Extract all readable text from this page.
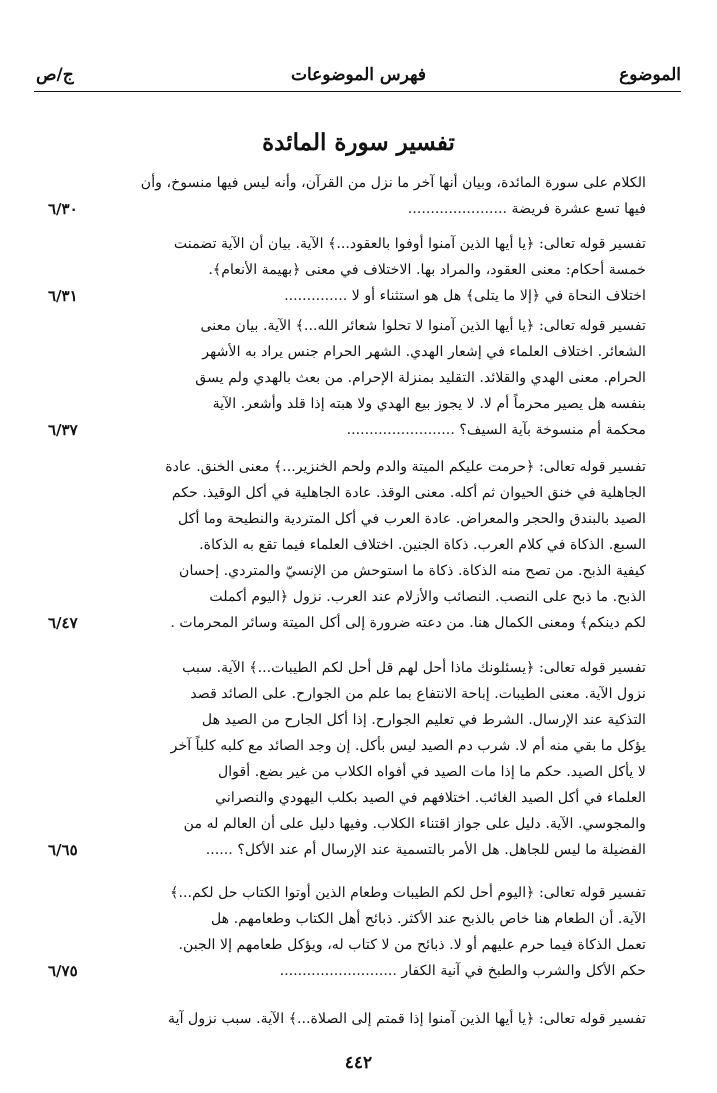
الموضوع
فهرس الموضوعات
ج/ص
تفسير سورة المائدة
الكلام على سورة المائدة، وبيان أنها آخر ما نزل من القرآن، وأنه ليس فيها منسوخ، وأن
فيها تسع عشرة فريضة ......................
٦/٣٠
تفسير قوله تعالى: ﴿يا أيها الذين آمنوا أوفوا بالعقود...﴾ الآية. بيان أن الآية تضمنت
خمسة أحكام: معنى العقود، والمراد بها. الاختلاف في معنى ﴿بهيمة الأنعام﴾.
اختلاف النحاة في ﴿إلا ما يتلى﴾ هل هو استثناء أو لا ..............
٦/٣١
تفسير قوله تعالى: ﴿يا أيها الذين آمنوا لا تحلوا شعائر الله...﴾ الآية. بيان معنى
الشعائر. اختلاف العلماء في إشعار الهدي. الشهر الحرام جنس يراد به الأشهر
الحرام. معنى الهدي والقلائد. التقليد بمنزلة الإحرام. من بعث بالهدي ولم يسق
بنفسه هل يصير محرماً أم لا. لا يجوز بيع الهدي ولا هبته إذا قلد وأشعر. الآية
محكمة أم منسوخة بآية السيف؟ ........................
٦/٣٧
تفسير قوله تعالى: ﴿حرمت عليكم الميتة والدم ولحم الخنزير...﴾ معنى الخنق. عادة
الجاهلية في خنق الحيوان ثم أكله. معنى الوقذ. عادة الجاهلية في أكل الوقيذ. حكم
الصيد بالبندق والحجر والمعراض. عادة العرب في أكل المتردية والنطيحة وما أكل
السبع. الذكاة في كلام العرب. ذكاة الجنين. اختلاف العلماء فيما تقع به الذكاة.
كيفية الذبح. من تصح منه الذكاة. ذكاة ما استوحش من الإنسيّ والمتردي. إحسان
الذبح. ما ذبح على النصب. النصائب والأزلام عند العرب. نزول ﴿اليوم أكملت
لكم دينكم﴾ ومعنى الكمال هنا. من دعته ضرورة إلى أكل الميتة وسائر المحرمات .
٦/٤٧
تفسير قوله تعالى: ﴿يسئلونك ماذا أحل لهم قل أحل لكم الطيبات...﴾ الآية. سبب
نزول الآية. معنى الطيبات. إباحة الانتفاع بما علم من الجوارح. على الصائد قصد
التذكية عند الإرسال. الشرط في تعليم الجوارح. إذا أكل الجارح من الصيد هل
يؤكل ما بقي منه أم لا. شرب دم الصيد ليس بأكل. إن وجد الصائد مع كلبه كلباً آخر
لا يأكل الصيد. حكم ما إذا مات الصيد في أفواه الكلاب من غير بضع. أقوال
العلماء في أكل الصيد الغائب. اختلافهم في الصيد بكلب اليهودي والنصراني
والمجوسي. الآية. دليل على جواز اقتناء الكلاب. وفيها دليل على أن العالم له من
الفضيلة ما ليس للجاهل. هل الأمر بالتسمية عند الإرسال أم عند الأكل؟ ......
٦/٦٥
تفسير قوله تعالى: ﴿اليوم أحل لكم الطيبات وطعام الذين أوتوا الكتاب حل لكم...﴾
الآية. أن الطعام هنا خاص بالذبح عند الأكثر. ذبائح أهل الكتاب وطعامهم. هل
تعمل الذكاة فيما حرم عليهم أو لا. ذبائح من لا كتاب له، ويؤكل طعامهم إلا الجبن.
حكم الأكل والشرب والطبخ في آنية الكفار ..........................
٦/٧٥
تفسير قوله تعالى: ﴿يا أيها الذين آمنوا إذا قمتم إلى الصلاة...﴾ الآية. سبب نزول آية
٤٤٢
